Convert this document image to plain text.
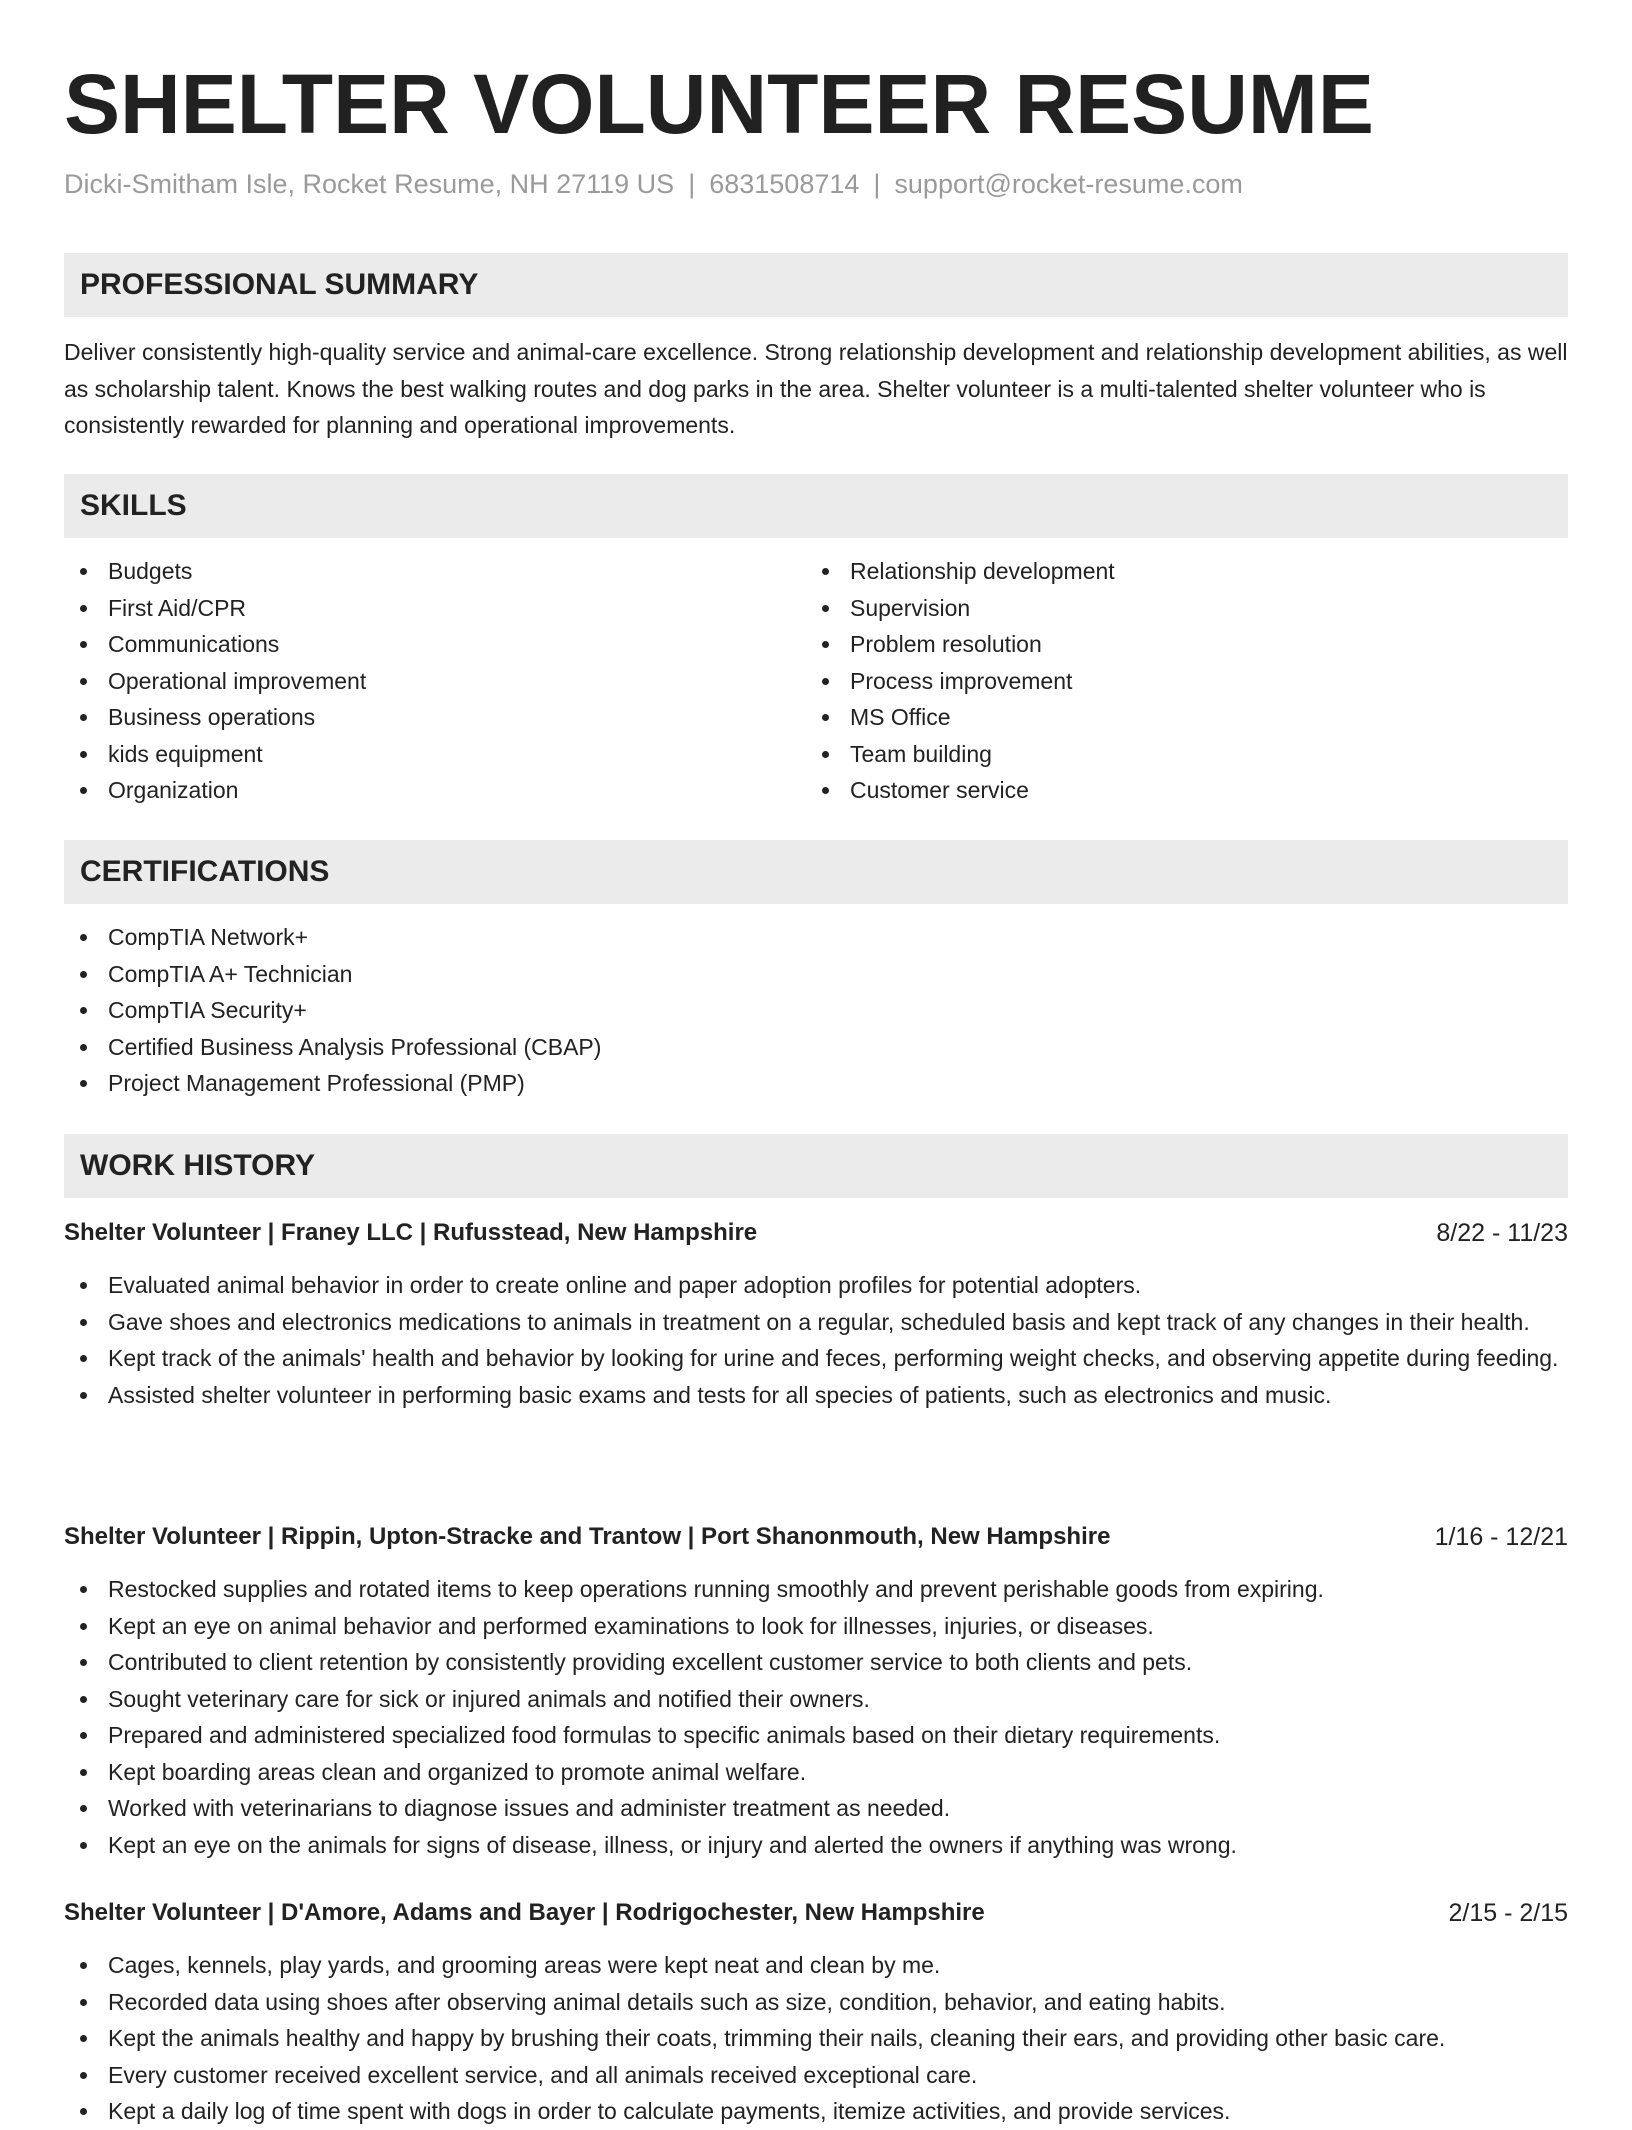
SHELTER VOLUNTEER RESUME
Dicki-Smitham Isle, Rocket Resume, NH 27119 US | 6831508714 | support@rocket-resume.com
PROFESSIONAL SUMMARY

Deliver consistently high-quality service and animal-care excellence. Strong relationship development and relationship development abilities, as well as scholarship talent. Knows the best walking routes and dog parks in the area. Shelter volunteer is a multi-talented shelter volunteer who is consistently rewarded for planning and operational improvements.

SKILLS
Budgets
First Aid/CPR
Communications
Operational improvement
Business operations
kids equipment
Organization
Relationship development
Supervision
Problem resolution
Process improvement
MS Office
Team building
Customer service
CERTIFICATIONS
CompTIA Network+
CompTIA A+ Technician
CompTIA Security+
Certified Business Analysis Professional (CBAP)
Project Management Professional (PMP)
WORK HISTORY
Shelter Volunteer | Franey LLC | Rufusstead, New Hampshire	8/22 - 11/23
Evaluated animal behavior in order to create online and paper adoption profiles for potential adopters.
Gave shoes and electronics medications to animals in treatment on a regular, scheduled basis and kept track of any changes in their health.
Kept track of the animals' health and behavior by looking for urine and feces, performing weight checks, and observing appetite during feeding.
Assisted shelter volunteer in performing basic exams and tests for all species of patients, such as electronics and music.
Shelter Volunteer | Rippin, Upton-Stracke and Trantow | Port Shanonmouth, New Hampshire	1/16 - 12/21
Restocked supplies and rotated items to keep operations running smoothly and prevent perishable goods from expiring.
Kept an eye on animal behavior and performed examinations to look for illnesses, injuries, or diseases.
Contributed to client retention by consistently providing excellent customer service to both clients and pets.
Sought veterinary care for sick or injured animals and notified their owners.
Prepared and administered specialized food formulas to specific animals based on their dietary requirements.
Kept boarding areas clean and organized to promote animal welfare.
Worked with veterinarians to diagnose issues and administer treatment as needed.
Kept an eye on the animals for signs of disease, illness, or injury and alerted the owners if anything was wrong.
Shelter Volunteer | D'Amore, Adams and Bayer | Rodrigochester, New Hampshire	2/15 - 2/15
Cages, kennels, play yards, and grooming areas were kept neat and clean by me.
Recorded data using shoes after observing animal details such as size, condition, behavior, and eating habits.
Kept the animals healthy and happy by brushing their coats, trimming their nails, cleaning their ears, and providing other basic care.
Every customer received excellent service, and all animals received exceptional care.
Kept a daily log of time spent with dogs in order to calculate payments, itemize activities, and provide services.
